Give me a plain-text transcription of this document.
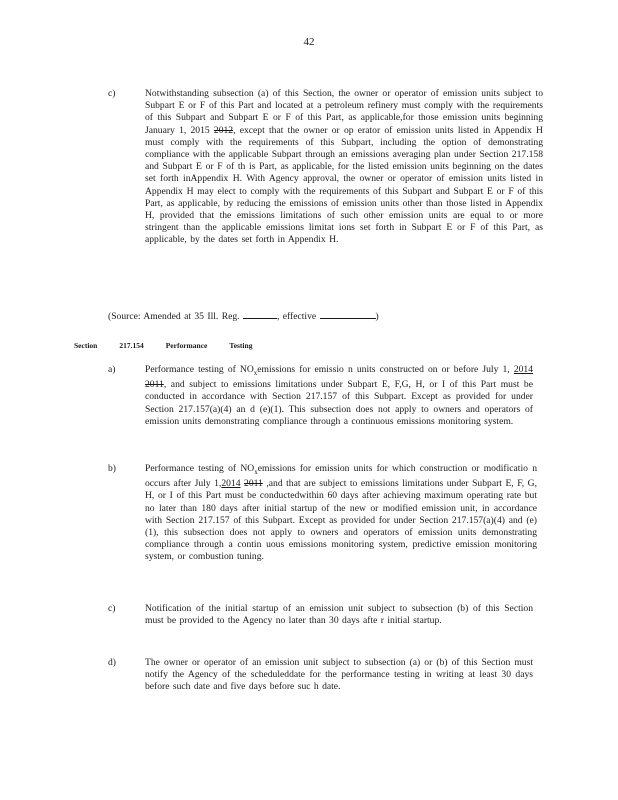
42
c)	Notwithstanding subsection (a) of this Section, the owner or operator of emission units subject to Subpart E or F of this Part and located at a petroleum refinery must comply with the requirements of this Subpart and Subpart E or F of this Part, as applicable,for those emission units beginning January 1, 2015 2012, except that the owner or op erator of emission units listed in Appendix H must comply with the requirements of this Subpart, including the option of demonstrating compliance with the applicable Subpart through an emissions averaging plan under Section 217.158 and Subpart E or F of th is Part, as applicable, for the listed emission units beginning on the dates set forth inAppendix H. With Agency approval, the owner or operator of emission units listed in Appendix H may elect to comply with the requirements of this Subpart and Subpart E or F of this Part, as applicable, by reducing the emissions of emission units other than those listed in Appendix H, provided that the emissions limitations of such other emission units are equal to or more stringent than the applicable emissions limitat ions set forth in Subpart E or F of this Part, as applicable, by the dates set forth in Appendix H.
(Source: Amended at 35 Ill. Reg.	, effective	)
Section	217.154	Performance	Testing
a)	Performance testing of $NO_xemissions$ for emissio n units constructed on or before July 1, 2014 2011, and subject to emissions limitations under Subpart E, F,G, H, or I of this Part must be conducted in accordance with Section 217.157 of this Subpart. Except as provided for under Section 217.157(a)(4) an d (e)(1). This subsection does not apply to owners and operators of emission units demonstrating compliance through a continuous emissions monitoring system.
b)	Performance testing of $NO_xemissions$ for emission units for which construction or modificatio n occurs after July 1,2014 2011 ,and that are subject to emissions limitations under Subpart E, F, G, H, or I of this Part must be conductedwithin 60 days after achieving maximum operating rate but no later than 180 days after initial startup of the new or modified emission unit, in accordance with Section 217.157 of this Subpart. Except as provided for under Section 217.157(a)(4) and (e)(1), this subsection does not apply to owners and operators of emission units demonstrating compliance through a contin uous emissions monitoring system, predictive emission monitoring system, or combustion tuning.
c)	Notification of the initial startup of an emission unit subject to subsection (b) of this Section must be provided to the Agency no later than 30 days afte r initial startup.
d)	The owner or operator of an emission unit subject to subsection (a) or (b) of this Section must notify the Agency of the scheduleddate for the performance testing in writing at least 30 days before such date and five days before suc h date.
